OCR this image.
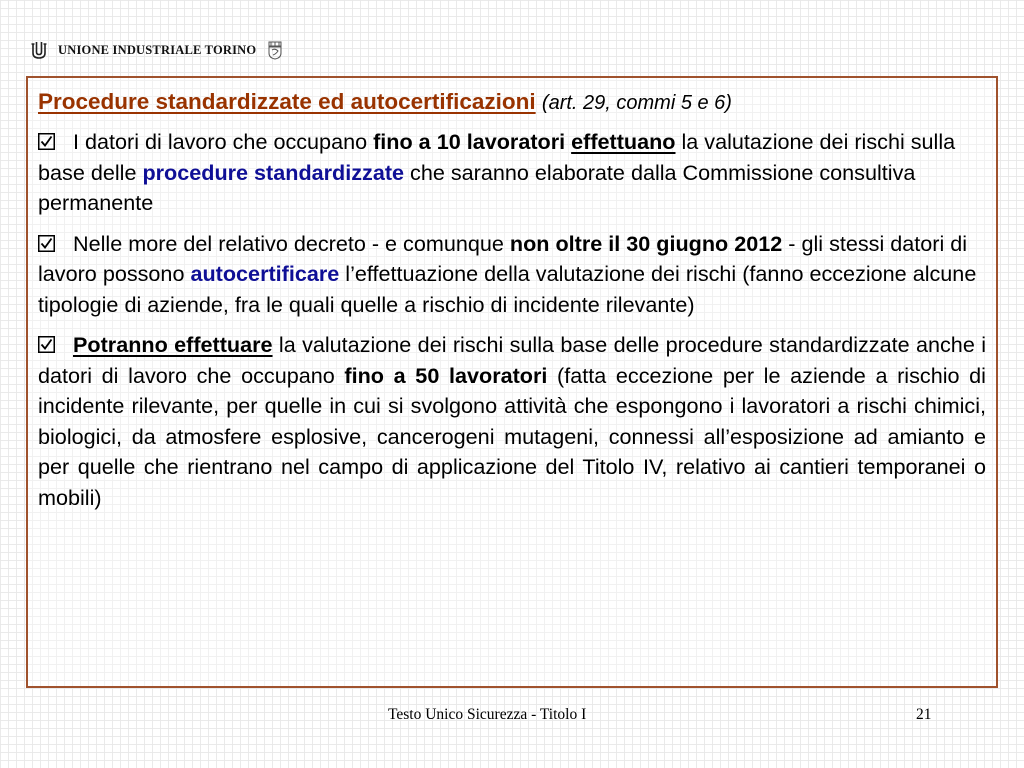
UNIONE INDUSTRIALE TORINO

Procedure standardizzate ed autocertificazioni (art. 29, commi 5 e 6)

I datori di lavoro che occupano fino a 10 lavoratori effettuano la valutazione dei rischi sulla base delle procedure standardizzate che saranno elaborate dalla Commissione consultiva permanente

Nelle more del relativo decreto - e comunque non oltre il 30 giugno 2012 - gli stessi datori di lavoro possono autocertificare l’effettuazione della valutazione dei rischi (fanno eccezione alcune tipologie di aziende, fra le quali quelle a rischio di incidente rilevante)

Potranno effettuare la valutazione dei rischi sulla base delle procedure standardizzate anche i datori di lavoro che occupano fino a 50 lavoratori (fatta eccezione per le aziende a rischio di incidente rilevante, per quelle in cui si svolgono attività che espongono i lavoratori a rischi chimici, biologici, da atmosfere esplosive, cancerogeni mutageni, connessi all’esposizione ad amianto e per quelle che rientrano nel campo di applicazione del Titolo IV, relativo ai cantieri temporanei o mobili)

Testo Unico Sicurezza - Titolo I	21
